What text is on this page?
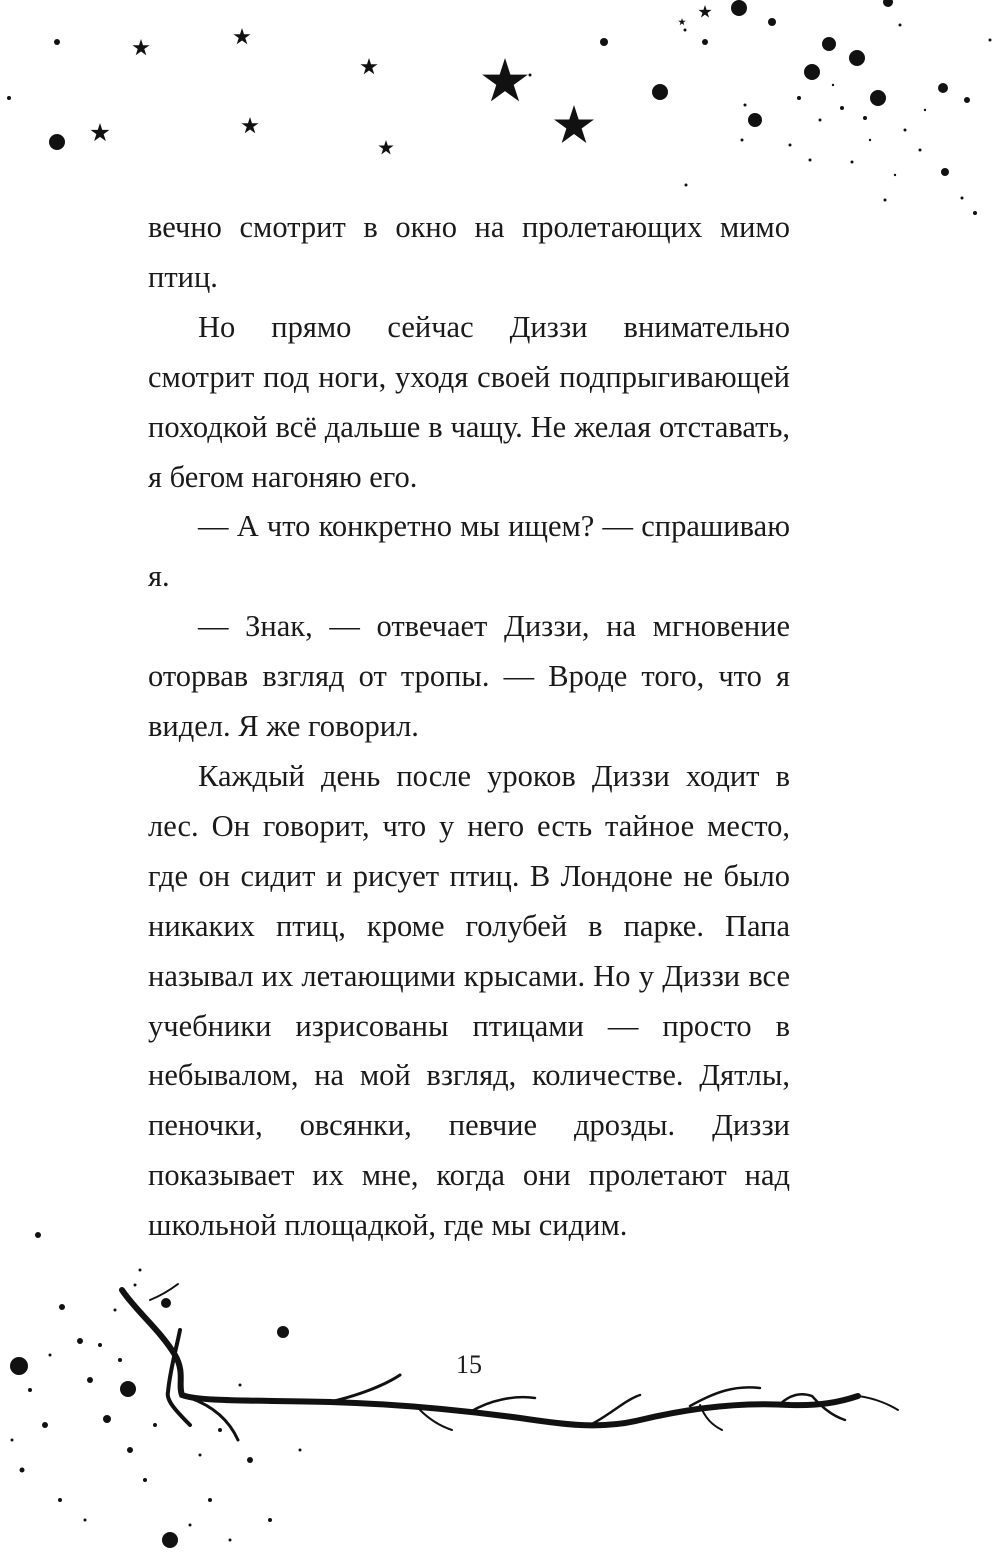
вечно смотрит в окно на пролетающих мимо птиц.

Но прямо сейчас Диззи внимательно смотрит под ноги, уходя своей подпрыгивающей походкой всё дальше в чащу. Не желая отставать, я бегом нагоняю его.

— А что конкретно мы ищем? — спрашиваю я.

— Знак, — отвечает Диззи, на мгновение оторвав взгляд от тропы. — Вроде того, что я видел. Я же говорил.

Каждый день после уроков Диззи ходит в лес. Он говорит, что у него есть тайное место, где он сидит и рисует птиц. В Лондоне не было никаких птиц, кроме голубей в парке. Папа называл их летающими крысами. Но у Диззи все учебники изрисованы птицами — просто в небывалом, на мой взгляд, количестве. Дятлы, пеночки, овсянки, певчие дрозды. Диззи показывает их мне, когда они пролетают над школьной площадкой, где мы сидим.

15
